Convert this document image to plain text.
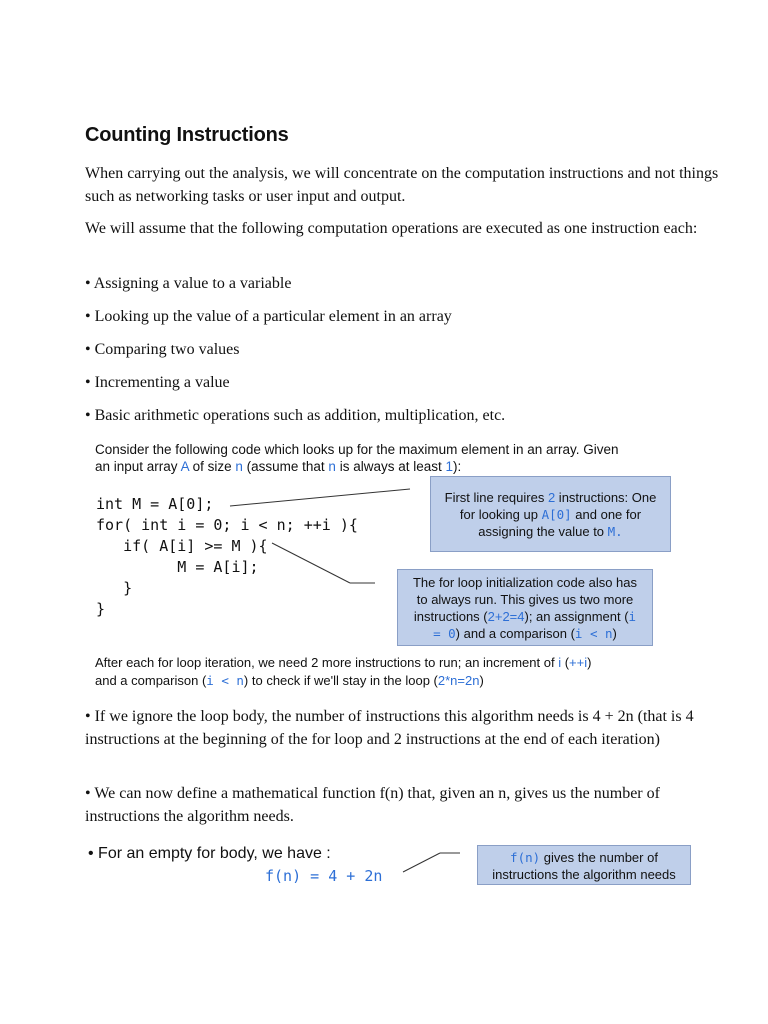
Counting Instructions

When carrying out the analysis, we will concentrate on the computation instructions and not things such as networking tasks or user input and output.

We will assume that the following computation operations are executed as one instruction each:

• Assigning a value to a variable

• Looking up the value of a particular element in an array

• Comparing two values

• Incrementing a value

• Basic arithmetic operations such as addition, multiplication, etc.

Consider the following code which looks up for the maximum element in an array. Given
an input array A of size n (assume that n is always at least 1):
int M = A[0];
for( int i = 0; i < n; ++i ){
if( A[i] >= M ){
M = A[i];
}
}
First line requires 2 instructions: One
for looking up A[0] and one for
assigning the value to M.
The for loop initialization code also has
to always run. This gives us two more
instructions (2+2=4); an assignment (i
= 0) and a comparison (i < n)
After each for loop iteration, we need 2 more instructions to run; an increment of i (++i)
and a comparison (i < n) to check if we'll stay in the loop (2*n=2n)

• If we ignore the loop body, the number of instructions this algorithm needs is 4 + 2n (that is 4 instructions at the beginning of the for loop and 2 instructions at the end of each iteration)

• We can now define a mathematical function f(n) that, given an n, gives us the number of instructions the algorithm needs.

• For an empty for body, we have :
f(n) = 4 + 2n
f(n) gives the number of
instructions the algorithm needs
